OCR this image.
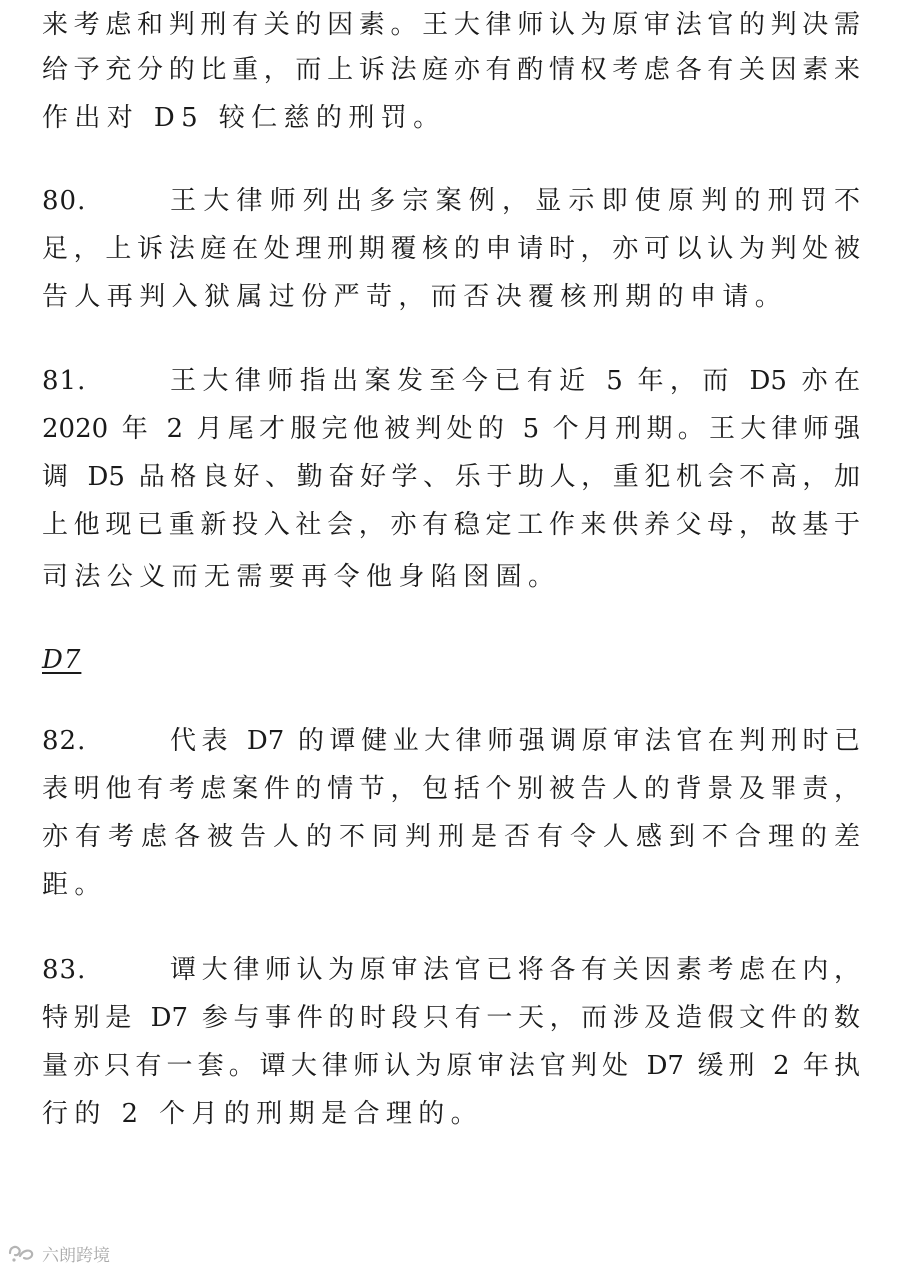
来考虑和判刑有关的因素。王大律师认为原审法官的判决需
给予充分的比重，而上诉法庭亦有酌情权考虑各有关因素来
作出对 D5 较仁慈的刑罚。
80.	王大律师列出多宗案例，显示即使原判的刑罚不
足，上诉法庭在处理刑期覆核的申请时，亦可以认为判处被
告人再判入狱属过份严苛，而否决覆核刑期的申请。
81.	王大律师指出案发至今已有近 5 年，而 D5 亦在
2020 年 2 月尾才服完他被判处的 5 个月刑期。王大律师强
调 D5 品格良好、勤奋好学、乐于助人，重犯机会不高，加
上他现已重新投入社会，亦有稳定工作来供养父母，故基于
司法公义而无需要再令他身陷囹圄。
D7
82.	代表 D7 的谭健业大律师强调原审法官在判刑时已
表明他有考虑案件的情节，包括个别被告人的背景及罪责，
亦有考虑各被告人的不同判刑是否有令人感到不合理的差
距。
83.	谭大律师认为原审法官已将各有关因素考虑在内，
特别是 D7 参与事件的时段只有一天，而涉及造假文件的数
量亦只有一套。谭大律师认为原审法官判处 D7 缓刑 2 年执
行的 2 个月的刑期是合理的。
六朗跨境
